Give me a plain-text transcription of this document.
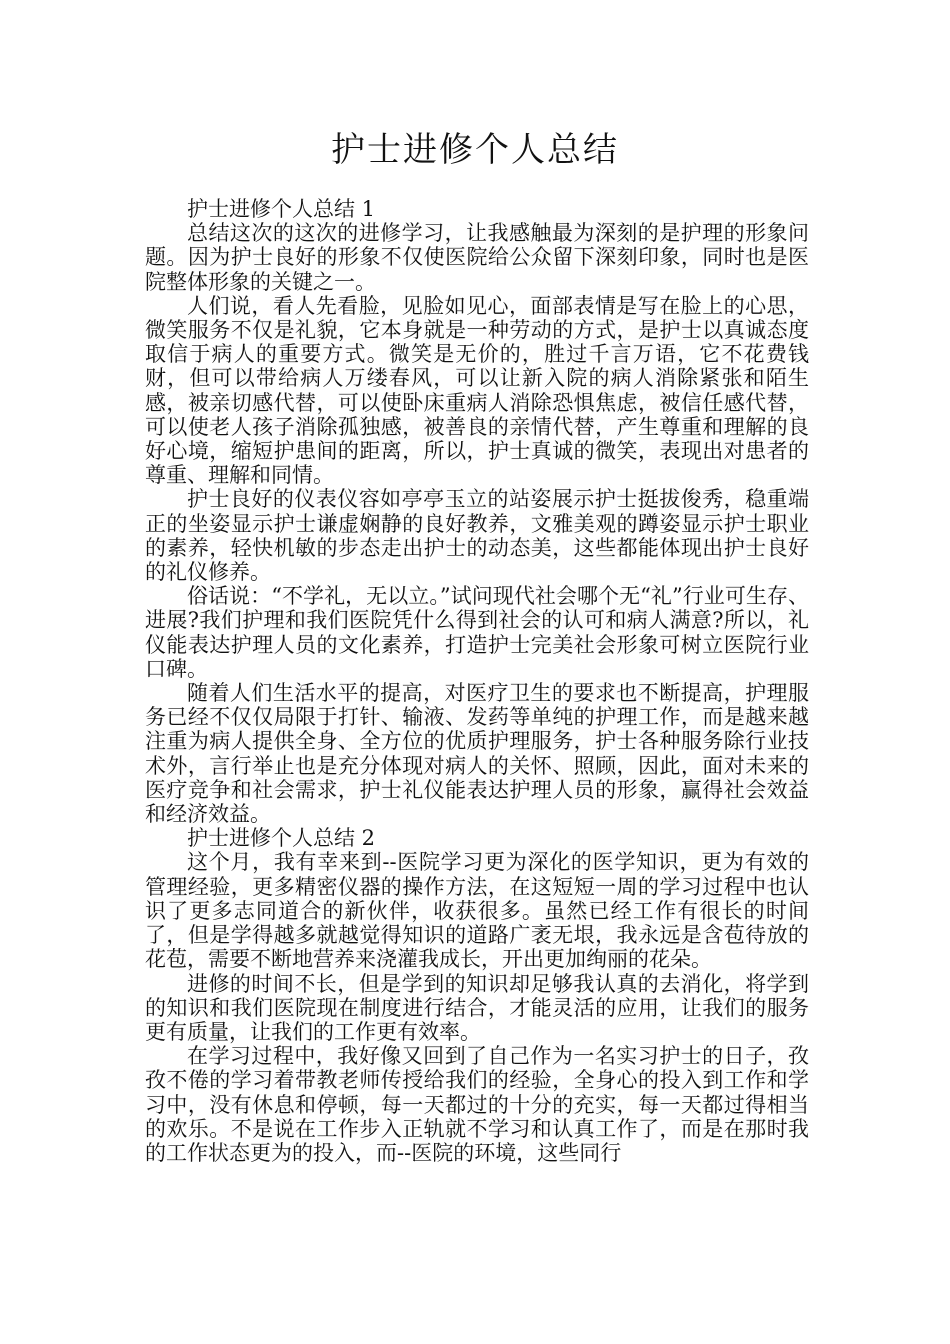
护士进修个人总结

护士进修个人总结 1

总结这次的这次的进修学习，让我感触最为深刻的是护理的形象问题。因为护士良好的形象不仅使医院给公众留下深刻印象，同时也是医院整体形象的关键之一。

人们说，看人先看脸，见脸如见心，面部表情是写在脸上的心思，微笑服务不仅是礼貌，它本身就是一种劳动的方式，是护士以真诚态度取信于病人的重要方式。微笑是无价的，胜过千言万语，它不花费钱财，但可以带给病人万缕春风，可以让新入院的病人消除紧张和陌生感，被亲切感代替，可以使卧床重病人消除恐惧焦虑，被信任感代替，可以使老人孩子消除孤独感，被善良的亲情代替，产生尊重和理解的良好心境，缩短护患间的距离，所以，护士真诚的微笑，表现出对患者的尊重、理解和同情。

护士良好的仪表仪容如亭亭玉立的站姿展示护士挺拔俊秀，稳重端正的坐姿显示护士谦虚娴静的良好教养，文雅美观的蹲姿显示护士职业的素养，轻快机敏的步态走出护士的动态美，这些都能体现出护士良好的礼仪修养。

俗话说：“不学礼，无以立。”试问现代社会哪个无“礼”行业可生存、进展?我们护理和我们医院凭什么得到社会的认可和病人满意?所以，礼仪能表达护理人员的文化素养，打造护士完美社会形象可树立医院行业口碑。

随着人们生活水平的提高，对医疗卫生的要求也不断提高，护理服务已经不仅仅局限于打针、输液、发药等单纯的护理工作，而是越来越注重为病人提供全身、全方位的优质护理服务，护士各种服务除行业技术外，言行举止也是充分体现对病人的关怀、照顾，因此，面对未来的医疗竞争和社会需求，护士礼仪能表达护理人员的形象，赢得社会效益和经济效益。

护士进修个人总结 2

这个月，我有幸来到--医院学习更为深化的医学知识，更为有效的管理经验，更多精密仪器的操作方法，在这短短一周的学习过程中也认识了更多志同道合的新伙伴，收获很多。虽然已经工作有很长的时间了，但是学得越多就越觉得知识的道路广袤无垠，我永远是含苞待放的花苞，需要不断地营养来浇灌我成长，开出更加绚丽的花朵。

进修的时间不长，但是学到的知识却足够我认真的去消化，将学到的知识和我们医院现在制度进行结合，才能灵活的应用，让我们的服务更有质量，让我们的工作更有效率。

在学习过程中，我好像又回到了自己作为一名实习护士的日子，孜孜不倦的学习着带教老师传授给我们的经验，全身心的投入到工作和学习中，没有休息和停顿，每一天都过的十分的充实，每一天都过得相当的欢乐。不是说在工作步入正轨就不学习和认真工作了，而是在那时我的工作状态更为的投入，而--医院的环境，这些同行
